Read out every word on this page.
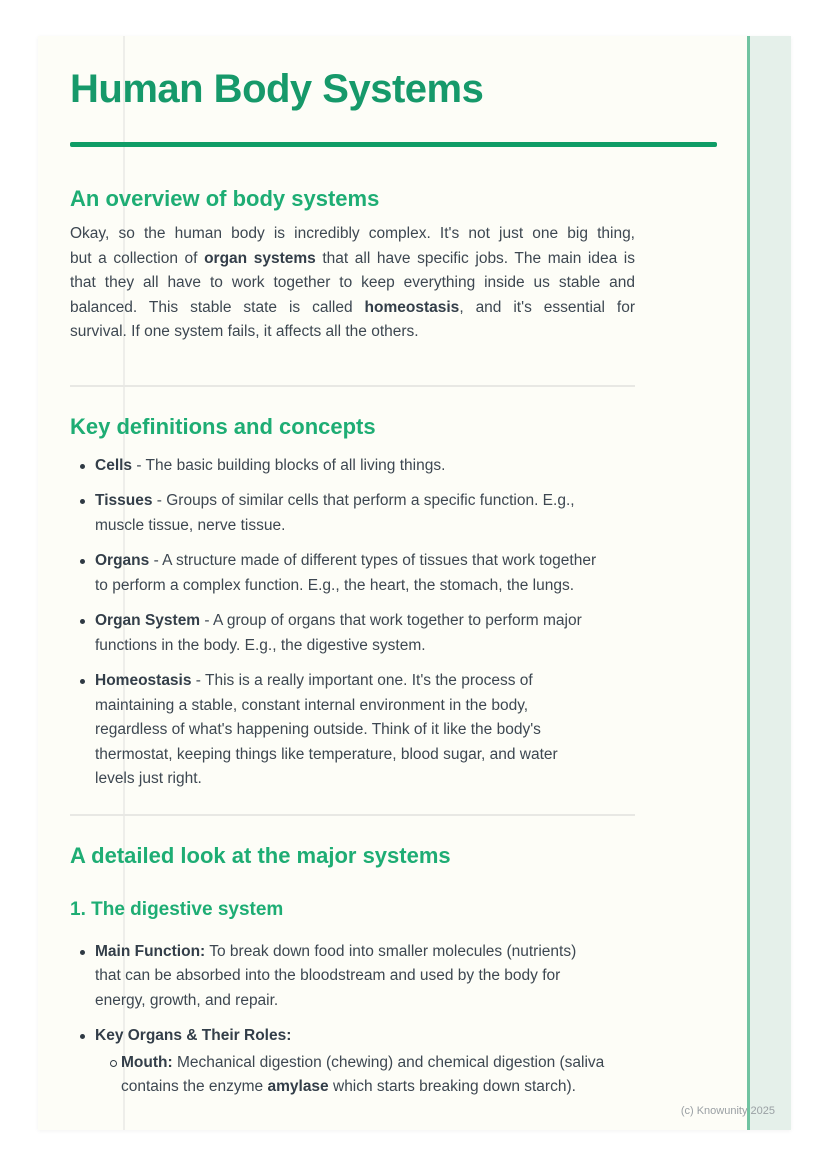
Human Body Systems
An overview of body systems
Okay, so the human body is incredibly complex. It's not just one big thing,
but a collection of organ systems that all have specific jobs. The main idea is
that they all have to work together to keep everything inside us stable and
balanced. This stable state is called homeostasis, and it's essential for
survival. If one system fails, it affects all the others.
Key definitions and concepts
Cells - The basic building blocks of all living things.
Tissues - Groups of similar cells that perform a specific function. E.g.,
muscle tissue, nerve tissue.
Organs - A structure made of different types of tissues that work together
to perform a complex function. E.g., the heart, the stomach, the lungs.
Organ System - A group of organs that work together to perform major
functions in the body. E.g., the digestive system.
Homeostasis - This is a really important one. It's the process of
maintaining a stable, constant internal environment in the body,
regardless of what's happening outside. Think of it like the body's
thermostat, keeping things like temperature, blood sugar, and water
levels just right.
A detailed look at the major systems
1. The digestive system
Main Function: To break down food into smaller molecules (nutrients)
that can be absorbed into the bloodstream and used by the body for
energy, growth, and repair.
Key Organs & Their Roles:
Mouth: Mechanical digestion (chewing) and chemical digestion (saliva
contains the enzyme amylase which starts breaking down starch).
(c) Knowunity 2025
